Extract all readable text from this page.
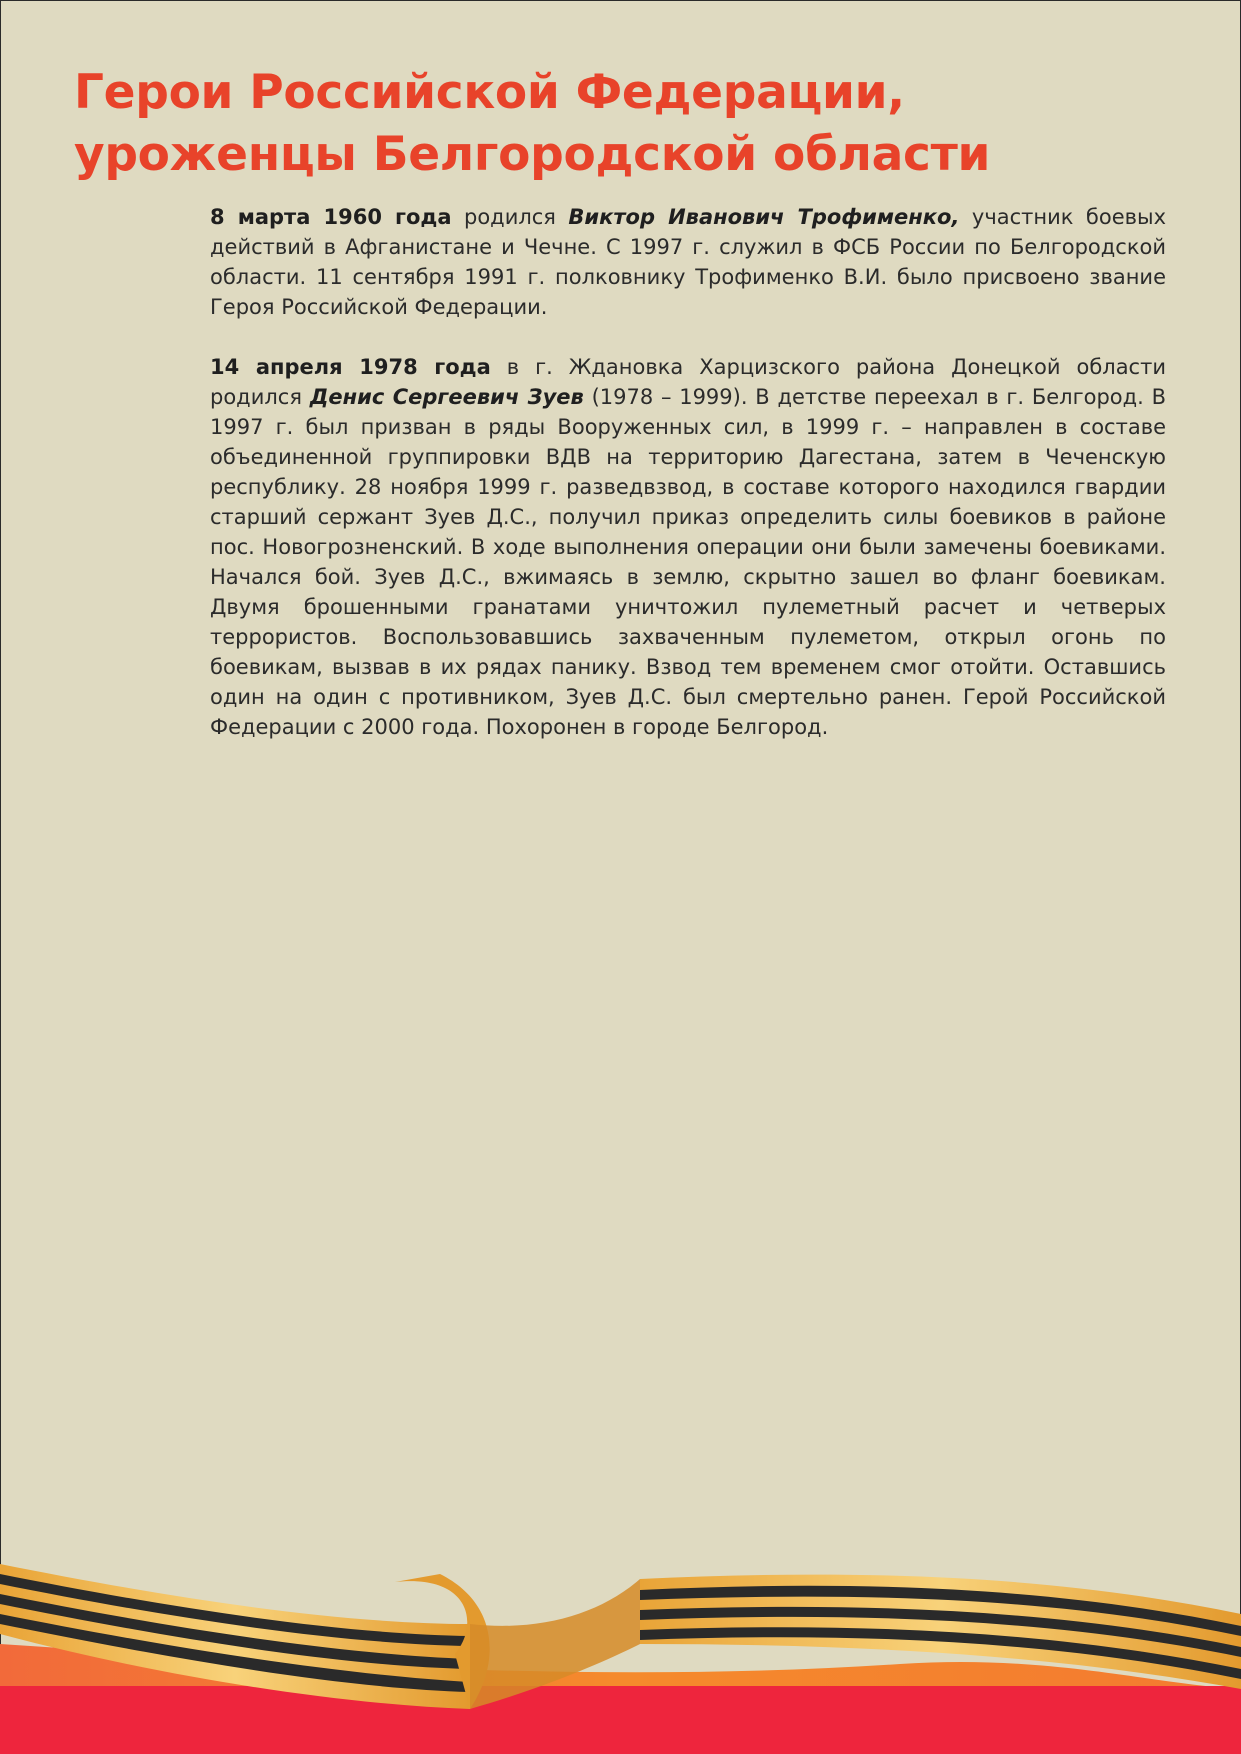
Герои Российской Федерации,
уроженцы Белгородской области

8 марта 1960 года родился Виктор Иванович Трофименко, участник боевых действий в Афганистане и Чечне. С 1997 г. служил в ФСБ России по Белгородской области. 11 сентября 1991 г. полковнику Трофименко В.И. было присвоено звание Героя Российской Федерации.

14 апреля 1978 года в г. Ждановка Харцизского района Донецкой области родился Денис Сергеевич Зуев (1978 – 1999). В детстве переехал в г. Белгород. В 1997 г. был призван в ряды Вооруженных сил, в 1999 г. – направлен в составе объединенной группировки ВДВ на территорию Дагестана, затем в Чеченскую республику. 28 ноября 1999 г. разведвзвод, в составе которого находился гвардии старший сержант Зуев Д.С., получил приказ определить силы боевиков в районе пос. Новогрозненский. В ходе выполнения операции они были замечены боевиками. Начался бой. Зуев Д.С., вжимаясь в землю, скрытно зашел во фланг боевикам. Двумя брошенными гранатами уничтожил пулеметный расчет и четверых террористов. Воспользовавшись захваченным пулеметом, открыл огонь по боевикам, вызвав в их рядах панику. Взвод тем временем смог отойти. Оставшись один на один с противником, Зуев Д.С. был смертельно ранен. Герой Российской Федерации с 2000 года. Похоронен в городе Белгород.
